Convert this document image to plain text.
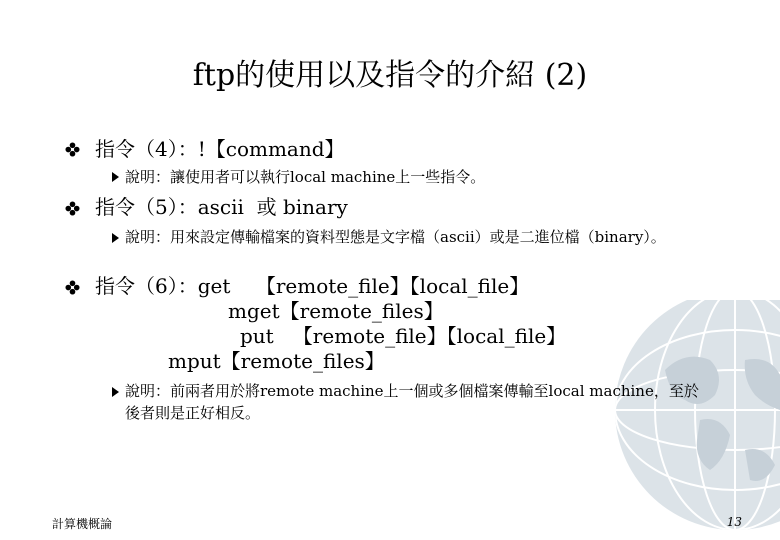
ftp的使用以及指令的介紹 (2)
指令（4）：!【command】
說明：讓使用者可以執行local machine上一些指令。
指令（5）：ascii  或 binary
說明：用來設定傳輸檔案的資料型態是文字檔（ascii）或是二進位檔（binary）。
指令（6）：get    【remote_file】【local_file】
mget【remote_files】
put   【remote_file】【local_file】
mput【remote_files】
說明：前兩者用於將remote machine上一個或多個檔案傳輸至local machine，至於後者則是正好相反。
計算機概論	13
